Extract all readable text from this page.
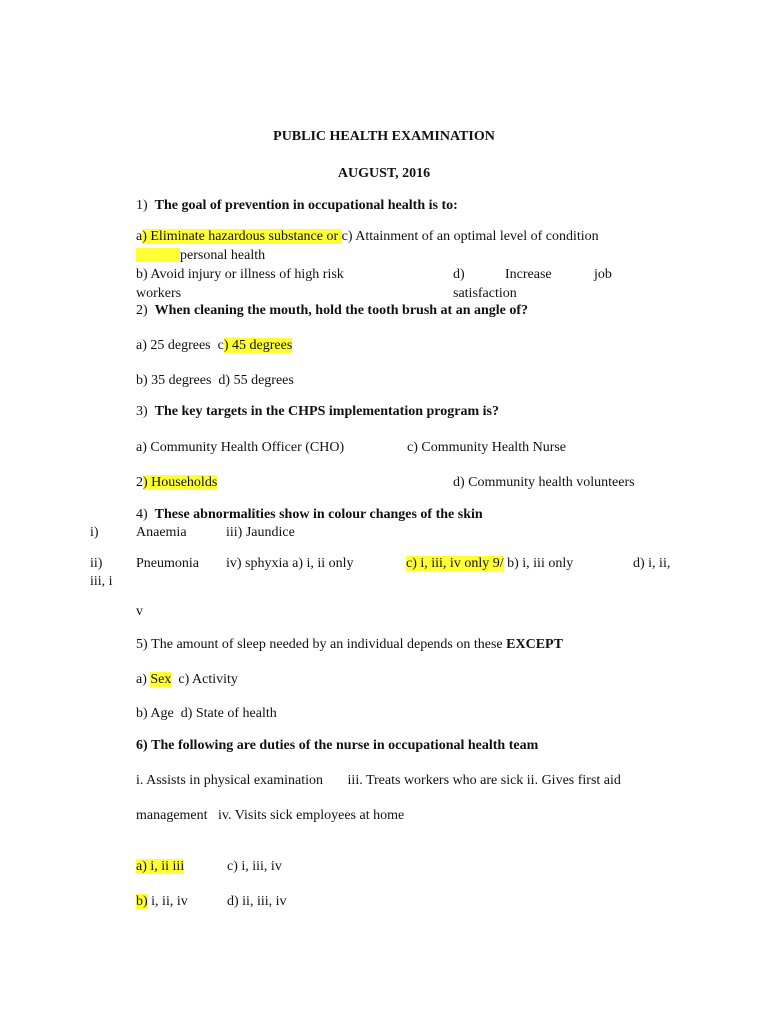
PUBLIC HEALTH EXAMINATION
AUGUST, 2016
1) The goal of prevention in occupational health is to:
a) Eliminate hazardous substance or c) Attainment of an optimal level of condition
personal health
b) Avoid injury or illness of high risk	d)	Increase	job
workers	satisfaction
2) When cleaning the mouth, hold the tooth brush at an angle of?
a) 25 degrees c) 45 degrees
b) 35 degrees d) 55 degrees
3) The key targets in the CHPS implementation program is?
a) Community Health Officer (CHO)	c) Community Health Nurse
2) Households	d) Community health volunteers
4) These abnormalities show in colour changes of the skin
i)	Anaemia	iii) Jaundice
ii) Pneumonia iv) sphyxia a) i, ii only	c) i, iii, iv only 9/ b) i, iii only	d) i, ii,
iii, i
v
5) The amount of sleep needed by an individual depends on these EXCEPT
a) Sex c) Activity
b) Age d) State of health
6) The following are duties of the nurse in occupational health team
i. Assists in physical examination       iii. Treats workers who are sick ii. Gives first aid
management   iv. Visits sick employees at home
a) i, ii iii	c) i, iii, iv
b) i, ii, iv	d) ii, iii, iv
